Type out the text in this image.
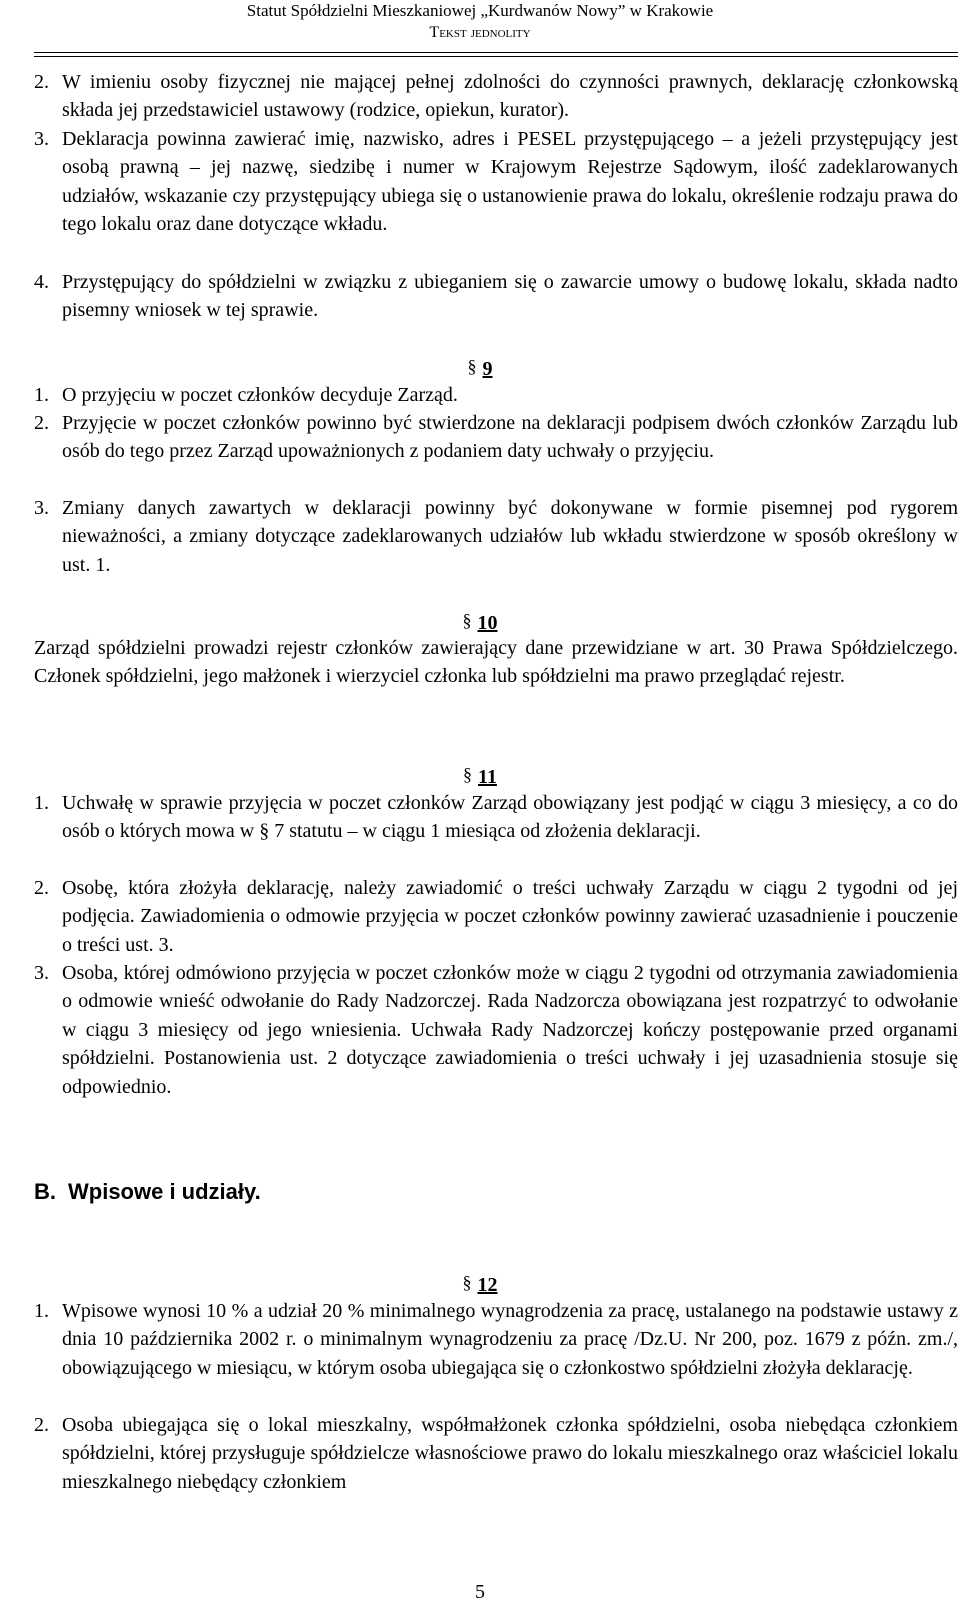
Statut Spółdzielni Mieszkaniowej „Kurdwanów Nowy” w Krakowie
Tekst jednolity
2. W imieniu osoby fizycznej nie mającej pełnej zdolności do czynności prawnych, deklarację członkowską składa jej przedstawiciel ustawowy (rodzice, opiekun, kurator).
3. Deklaracja powinna zawierać imię, nazwisko, adres i PESEL przystępującego – a jeżeli przystępujący jest osobą prawną – jej nazwę, siedzibę i numer w Krajowym Rejestrze Sądowym, ilość zadeklarowanych udziałów, wskazanie czy przystępujący ubiega się o ustanowienie prawa do lokalu, określenie rodzaju prawa do tego lokalu oraz dane dotyczące wkładu.
4. Przystępujący do spółdzielni w związku z ubieganiem się o zawarcie umowy o budowę lokalu, składa nadto pisemny wniosek w tej sprawie.
§ 9
1. O przyjęciu w poczet członków decyduje Zarząd.
2. Przyjęcie w poczet członków powinno być stwierdzone na deklaracji podpisem dwóch członków Zarządu lub osób do tego przez Zarząd upoważnionych z podaniem daty uchwały o przyjęciu.
3. Zmiany danych zawartych w deklaracji powinny być dokonywane w formie pisemnej pod rygorem nieważności, a zmiany dotyczące zadeklarowanych udziałów lub wkładu stwierdzone w sposób określony w ust. 1.
§ 10
Zarząd spółdzielni prowadzi rejestr członków zawierający dane przewidziane w art. 30 Prawa Spółdzielczego. Członek spółdzielni, jego małżonek i wierzyciel członka lub spółdzielni ma prawo przeglądać rejestr.
§ 11
1. Uchwałę w sprawie przyjęcia w poczet członków Zarząd obowiązany jest podjąć w ciągu 3 miesięcy, a co do osób o których mowa w § 7 statutu – w ciągu 1 miesiąca od złożenia deklaracji.
2. Osobę, która złożyła deklarację, należy zawiadomić o treści uchwały Zarządu w ciągu 2 tygodni od jej podjęcia. Zawiadomienia o odmowie przyjęcia w poczet członków powinny zawierać uzasadnienie i pouczenie o treści ust. 3.
3. Osoba, której odmówiono przyjęcia w poczet członków może w ciągu 2 tygodni od otrzymania zawiadomienia o odmowie wnieść odwołanie do Rady Nadzorczej. Rada Nadzorcza obowiązana jest rozpatrzyć to odwołanie w ciągu 3 miesięcy od jego wniesienia. Uchwała Rady Nadzorczej kończy postępowanie przed organami spółdzielni. Postanowienia ust. 2 dotyczące zawiadomienia o treści uchwały i jej uzasadnienia stosuje się odpowiednio.
B. Wpisowe i udziały.
§ 12
1. Wpisowe wynosi 10 % a udział 20 % minimalnego wynagrodzenia za pracę, ustalanego na podstawie ustawy z dnia 10 października 2002 r. o minimalnym wynagrodzeniu za pracę /Dz.U. Nr 200, poz. 1679 z późn. zm./, obowiązującego w miesiącu, w którym osoba ubiegająca się o członkostwo spółdzielni złożyła deklarację.
2. Osoba ubiegająca się o lokal mieszkalny, współmałżonek członka spółdzielni, osoba niebędąca członkiem spółdzielni, której przysługuje spółdzielcze własnościowe prawo do lokalu mieszkalnego oraz właściciel lokalu mieszkalnego niebędący członkiem
5
